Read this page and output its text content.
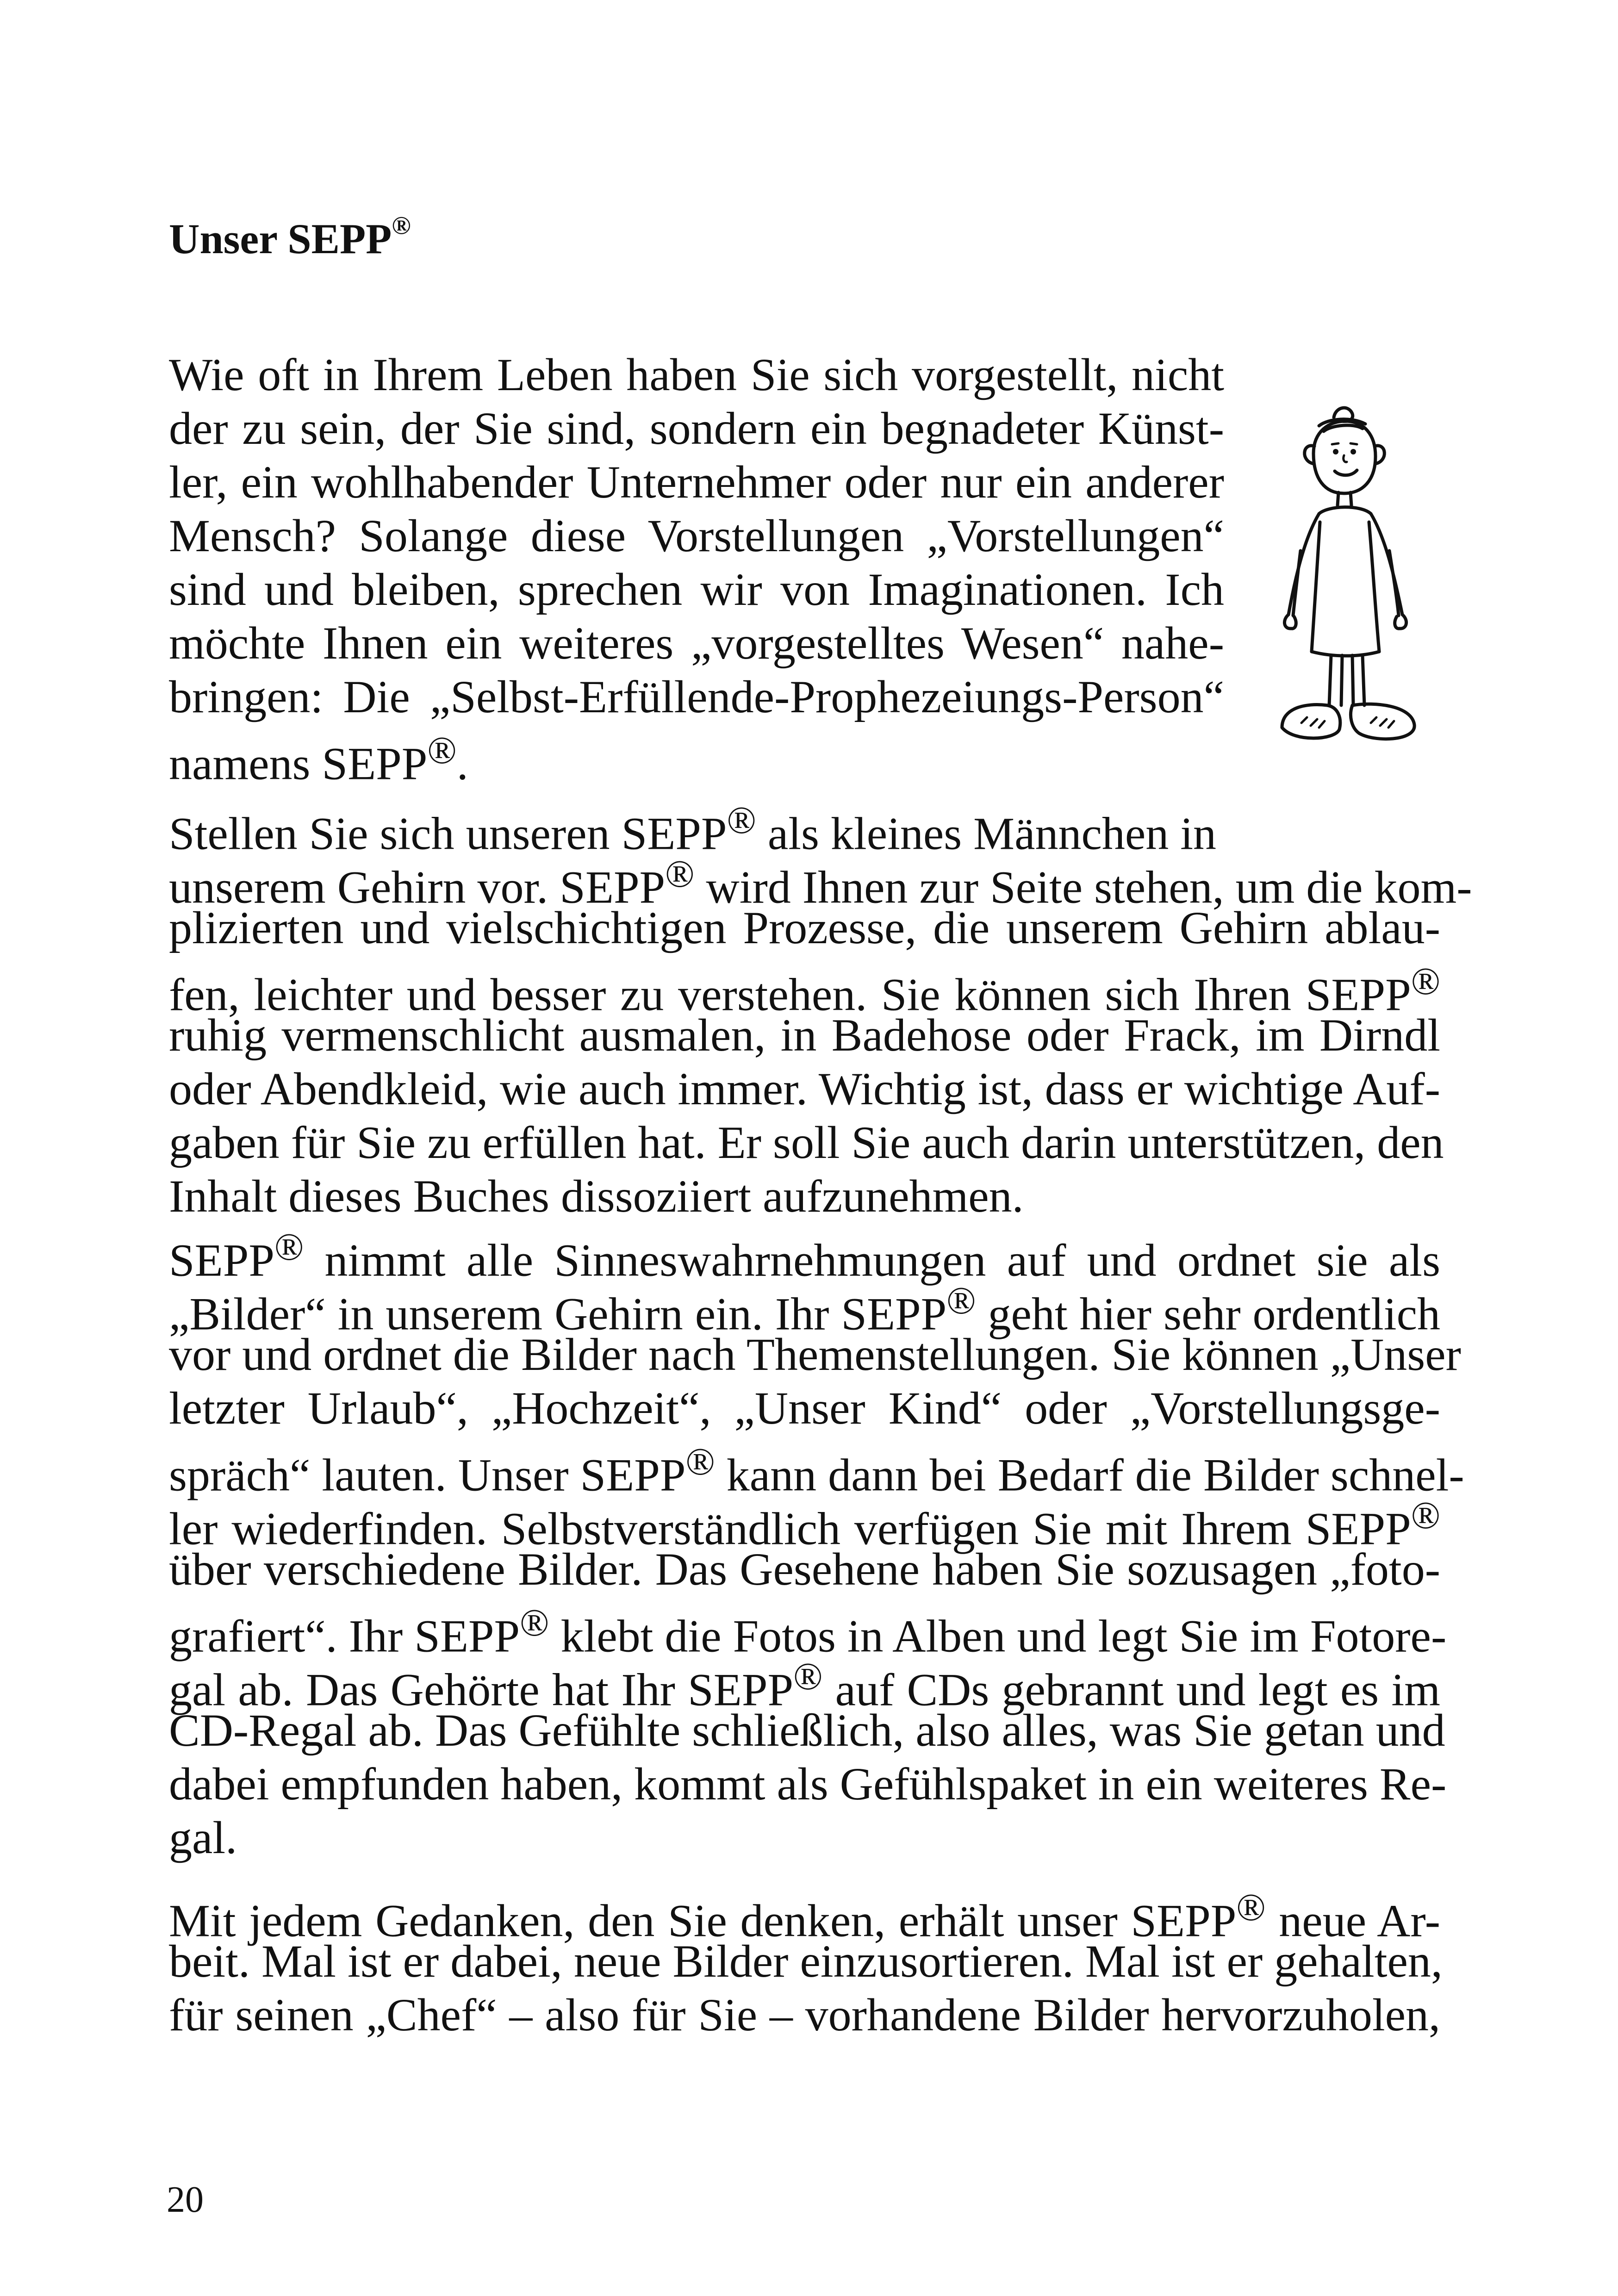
Unser SEPP®
Wie oft in Ihrem Leben haben Sie sich vorgestellt, nicht
der zu sein, der Sie sind, sondern ein begnadeter Künst-
ler, ein wohlhabender Unternehmer oder nur ein anderer
Mensch? Solange diese Vorstellungen „Vorstellungen“
sind und bleiben, sprechen wir von Imaginationen. Ich
möchte Ihnen ein weiteres „vorgestelltes Wesen“ nahe-
bringen: Die „Selbst-Erfüllende-Prophezeiungs-Person“
namens SEPP®.
Stellen Sie sich unseren SEPP® als kleines Männchen in
unserem Gehirn vor. SEPP® wird Ihnen zur Seite stehen, um die kom-
plizierten und vielschichtigen Prozesse, die unserem Gehirn ablau-
fen, leichter und besser zu verstehen. Sie können sich Ihren SEPP®
ruhig vermenschlicht ausmalen, in Badehose oder Frack, im Dirndl
oder Abendkleid, wie auch immer. Wichtig ist, dass er wichtige Auf-
gaben für Sie zu erfüllen hat. Er soll Sie auch darin unterstützen, den
Inhalt dieses Buches dissoziiert aufzunehmen.
SEPP® nimmt alle Sinneswahrnehmungen auf und ordnet sie als
„Bilder“ in unserem Gehirn ein. Ihr SEPP® geht hier sehr ordentlich
vor und ordnet die Bilder nach Themenstellungen. Sie können „Unser
letzter Urlaub“, „Hochzeit“, „Unser Kind“ oder „Vorstellungsge-
spräch“ lauten. Unser SEPP® kann dann bei Bedarf die Bilder schnel-
ler wiederfinden. Selbstverständlich verfügen Sie mit Ihrem SEPP®
über verschiedene Bilder. Das Gesehene haben Sie sozusagen „foto-
grafiert“. Ihr SEPP® klebt die Fotos in Alben und legt Sie im Fotore-
gal ab. Das Gehörte hat Ihr SEPP® auf CDs gebrannt und legt es im
CD-Regal ab. Das Gefühlte schließlich, also alles, was Sie getan und
dabei empfunden haben, kommt als Gefühlspaket in ein weiteres Re-
gal.
Mit jedem Gedanken, den Sie denken, erhält unser SEPP® neue Ar-
beit. Mal ist er dabei, neue Bilder einzusortieren. Mal ist er gehalten,
für seinen „Chef“ – also für Sie – vorhandene Bilder hervorzuholen,

20
